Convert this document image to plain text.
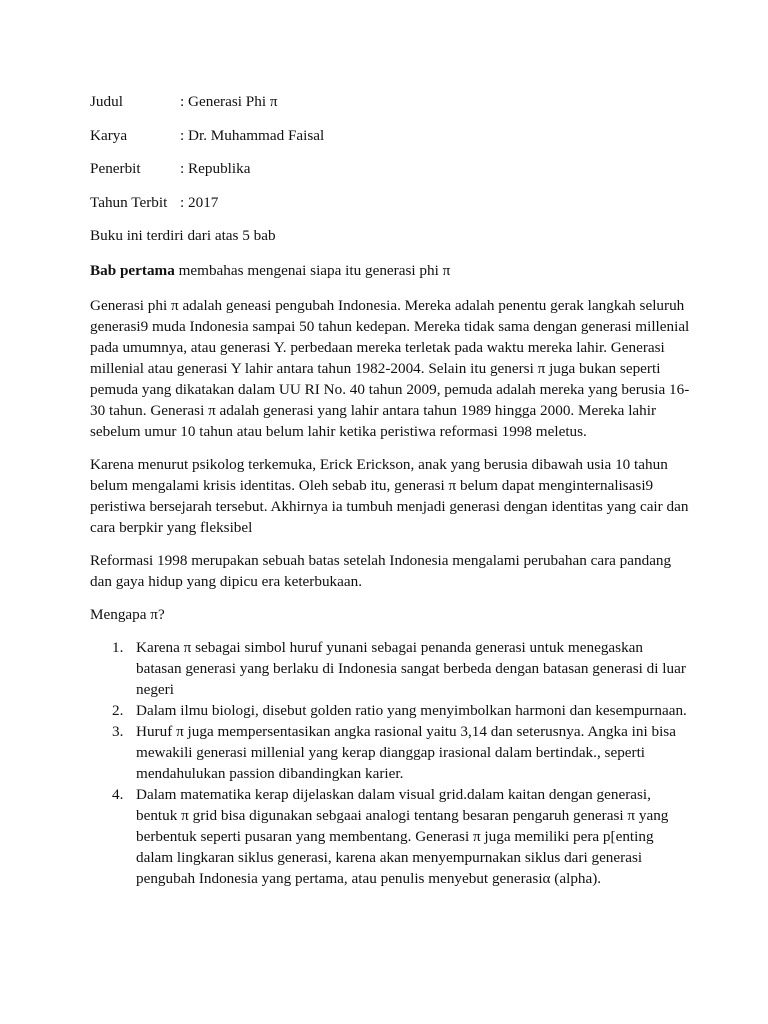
Judul	: Generasi Phi π
Karya	: Dr. Muhammad Faisal
Penerbit	: Republika
Tahun Terbit : 2017

Buku ini terdiri dari atas 5 bab

Bab pertama membahas mengenai siapa itu generasi phi π

Generasi phi π adalah geneasi pengubah Indonesia. Mereka adalah penentu gerak langkah seluruh generasi9 muda Indonesia sampai 50 tahun kedepan. Mereka tidak sama dengan generasi millenial pada umumnya, atau generasi Y. perbedaan mereka terletak pada waktu mereka lahir. Generasi millenial atau generasi Y lahir antara tahun 1982-2004. Selain itu genersi π juga bukan seperti pemuda yang dikatakan dalam UU RI No. 40 tahun 2009, pemuda adalah mereka yang berusia 16-30 tahun. Generasi π adalah generasi yang lahir antara tahun 1989 hingga 2000. Mereka lahir sebelum umur 10 tahun atau belum lahir ketika peristiwa reformasi 1998 meletus.

Karena menurut psikolog terkemuka, Erick Erickson, anak yang berusia dibawah usia 10 tahun belum mengalami krisis identitas. Oleh sebab itu, generasi π belum dapat menginternalisasi9 peristiwa bersejarah tersebut. Akhirnya ia tumbuh menjadi generasi dengan identitas yang cair dan cara berpkir yang fleksibel

Reformasi 1998 merupakan sebuah batas setelah Indonesia mengalami perubahan cara pandang dan gaya hidup yang dipicu era keterbukaan.

Mengapa π?

1. Karena π sebagai simbol huruf yunani sebagai penanda generasi untuk menegaskan batasan generasi yang berlaku di Indonesia sangat berbeda dengan batasan generasi di luar negeri
2. Dalam ilmu biologi, disebut golden ratio yang menyimbolkan harmoni dan kesempurnaan.
3. Huruf π juga mempersentasikan angka rasional yaitu 3,14 dan seterusnya. Angka ini bisa mewakili generasi millenial yang kerap dianggap irasional dalam bertindak., seperti mendahulukan passion dibandingkan karier.
4. Dalam matematika kerap dijelaskan dalam visual grid.dalam kaitan dengan generasi, bentuk π grid bisa digunakan sebgaai analogi tentang besaran pengaruh generasi π yang berbentuk seperti pusaran yang membentang. Generasi π juga memiliki pera p[enting dalam lingkaran siklus generasi, karena akan menyempurnakan siklus dari generasi pengubah Indonesia yang pertama, atau penulis menyebut generasiα (alpha).
